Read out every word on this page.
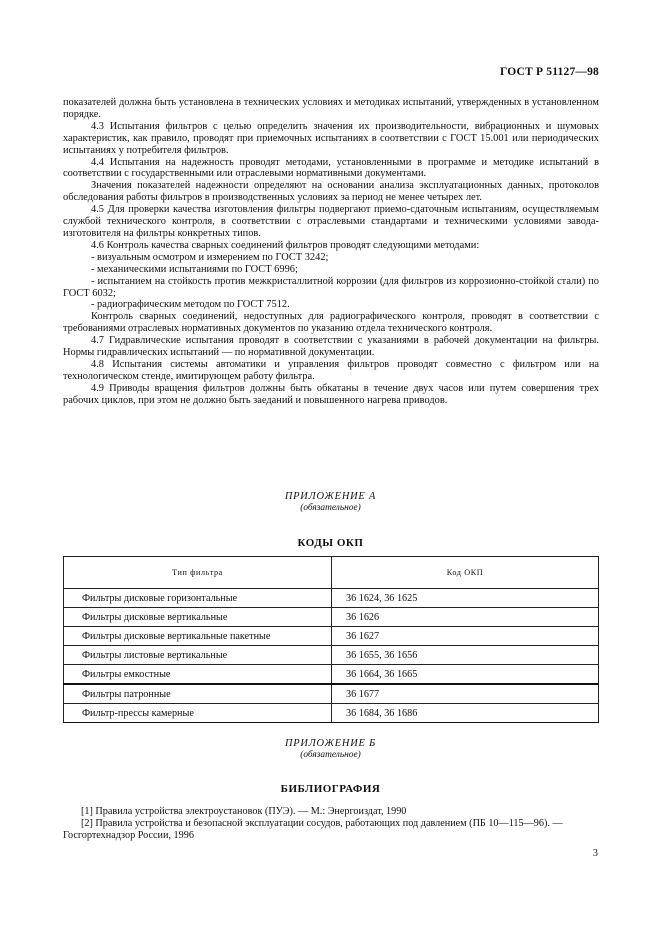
ГОСТ Р 51127—98

показателей должна быть установлена в технических условиях и методиках испытаний, утвержденных в установленном порядке.

4.3 Испытания фильтров с целью определить значения их производительности, вибрационных и шумовых характеристик, как правило, проводят при приемочных испытаниях в соответствии с ГОСТ 15.001 или периодических испытаниях у потребителя фильтров.

4.4 Испытания на надежность проводят методами, установленными в программе и методике испытаний в соответствии с государственными или отраслевыми нормативными документами.

Значения показателей надежности определяют на основании анализа эксплуатационных данных, протоколов обследования работы фильтров в производственных условиях за период не менее четырех лет.

4.5 Для проверки качества изготовления фильтры подвергают приемо-сдаточным испытаниям, осуществляемым службой технического контроля, в соответствии с отраслевыми стандартами и техническими условиями завода-изготовителя на фильтры конкретных типов.

4.6 Контроль качества сварных соединений фильтров проводят следующими методами:

- визуальным осмотром и измерением по ГОСТ 3242;

- механическими испытаниями по ГОСТ 6996;

- испытанием на стойкость против межкристаллитной коррозии (для фильтров из коррозионно-стойкой стали) по ГОСТ 6032;

- радиографическим методом по ГОСТ 7512.

Контроль сварных соединений, недоступных для радиографического контроля, проводят в соответствии с требованиями отраслевых нормативных документов по указанию отдела технического контроля.

4.7 Гидравлические испытания проводят в соответствии с указаниями в рабочей документации на фильтры. Нормы гидравлических испытаний — по нормативной документации.

4.8 Испытания системы автоматики и управления фильтров проводят совместно с фильтром или на технологическом стенде, имитирующем работу фильтра.

4.9 Приводы вращения фильтров должны быть обкатаны в течение двух часов или путем совершения трех рабочих циклов, при этом не должно быть заеданий и повышенного нагрева приводов.

ПРИЛОЖЕНИЕ А
(обязательное)
КОДЫ ОКП
Тип фильтра	Код ОКП
Фильтры дисковые горизонтальные	36 1624, 36 1625
Фильтры дисковые вертикальные	36 1626
Фильтры дисковые вертикальные пакетные	36 1627
Фильтры листовые вертикальные	36 1655, 36 1656
Фильтры емкостные	36 1664, 36 1665
Фильтры патронные	36 1677
Фильтр-прессы камерные	36 1684, 36 1686
ПРИЛОЖЕНИЕ Б
(обязательное)
БИБЛИОГРАФИЯ

[1] Правила устройства электроустановок (ПУЭ). — М.: Энергоиздат, 1990

[2] Правила устройства и безопасной эксплуатации сосудов, работающих под давлением (ПБ 10—115—96). — Госгортехнадзор России, 1996

3
